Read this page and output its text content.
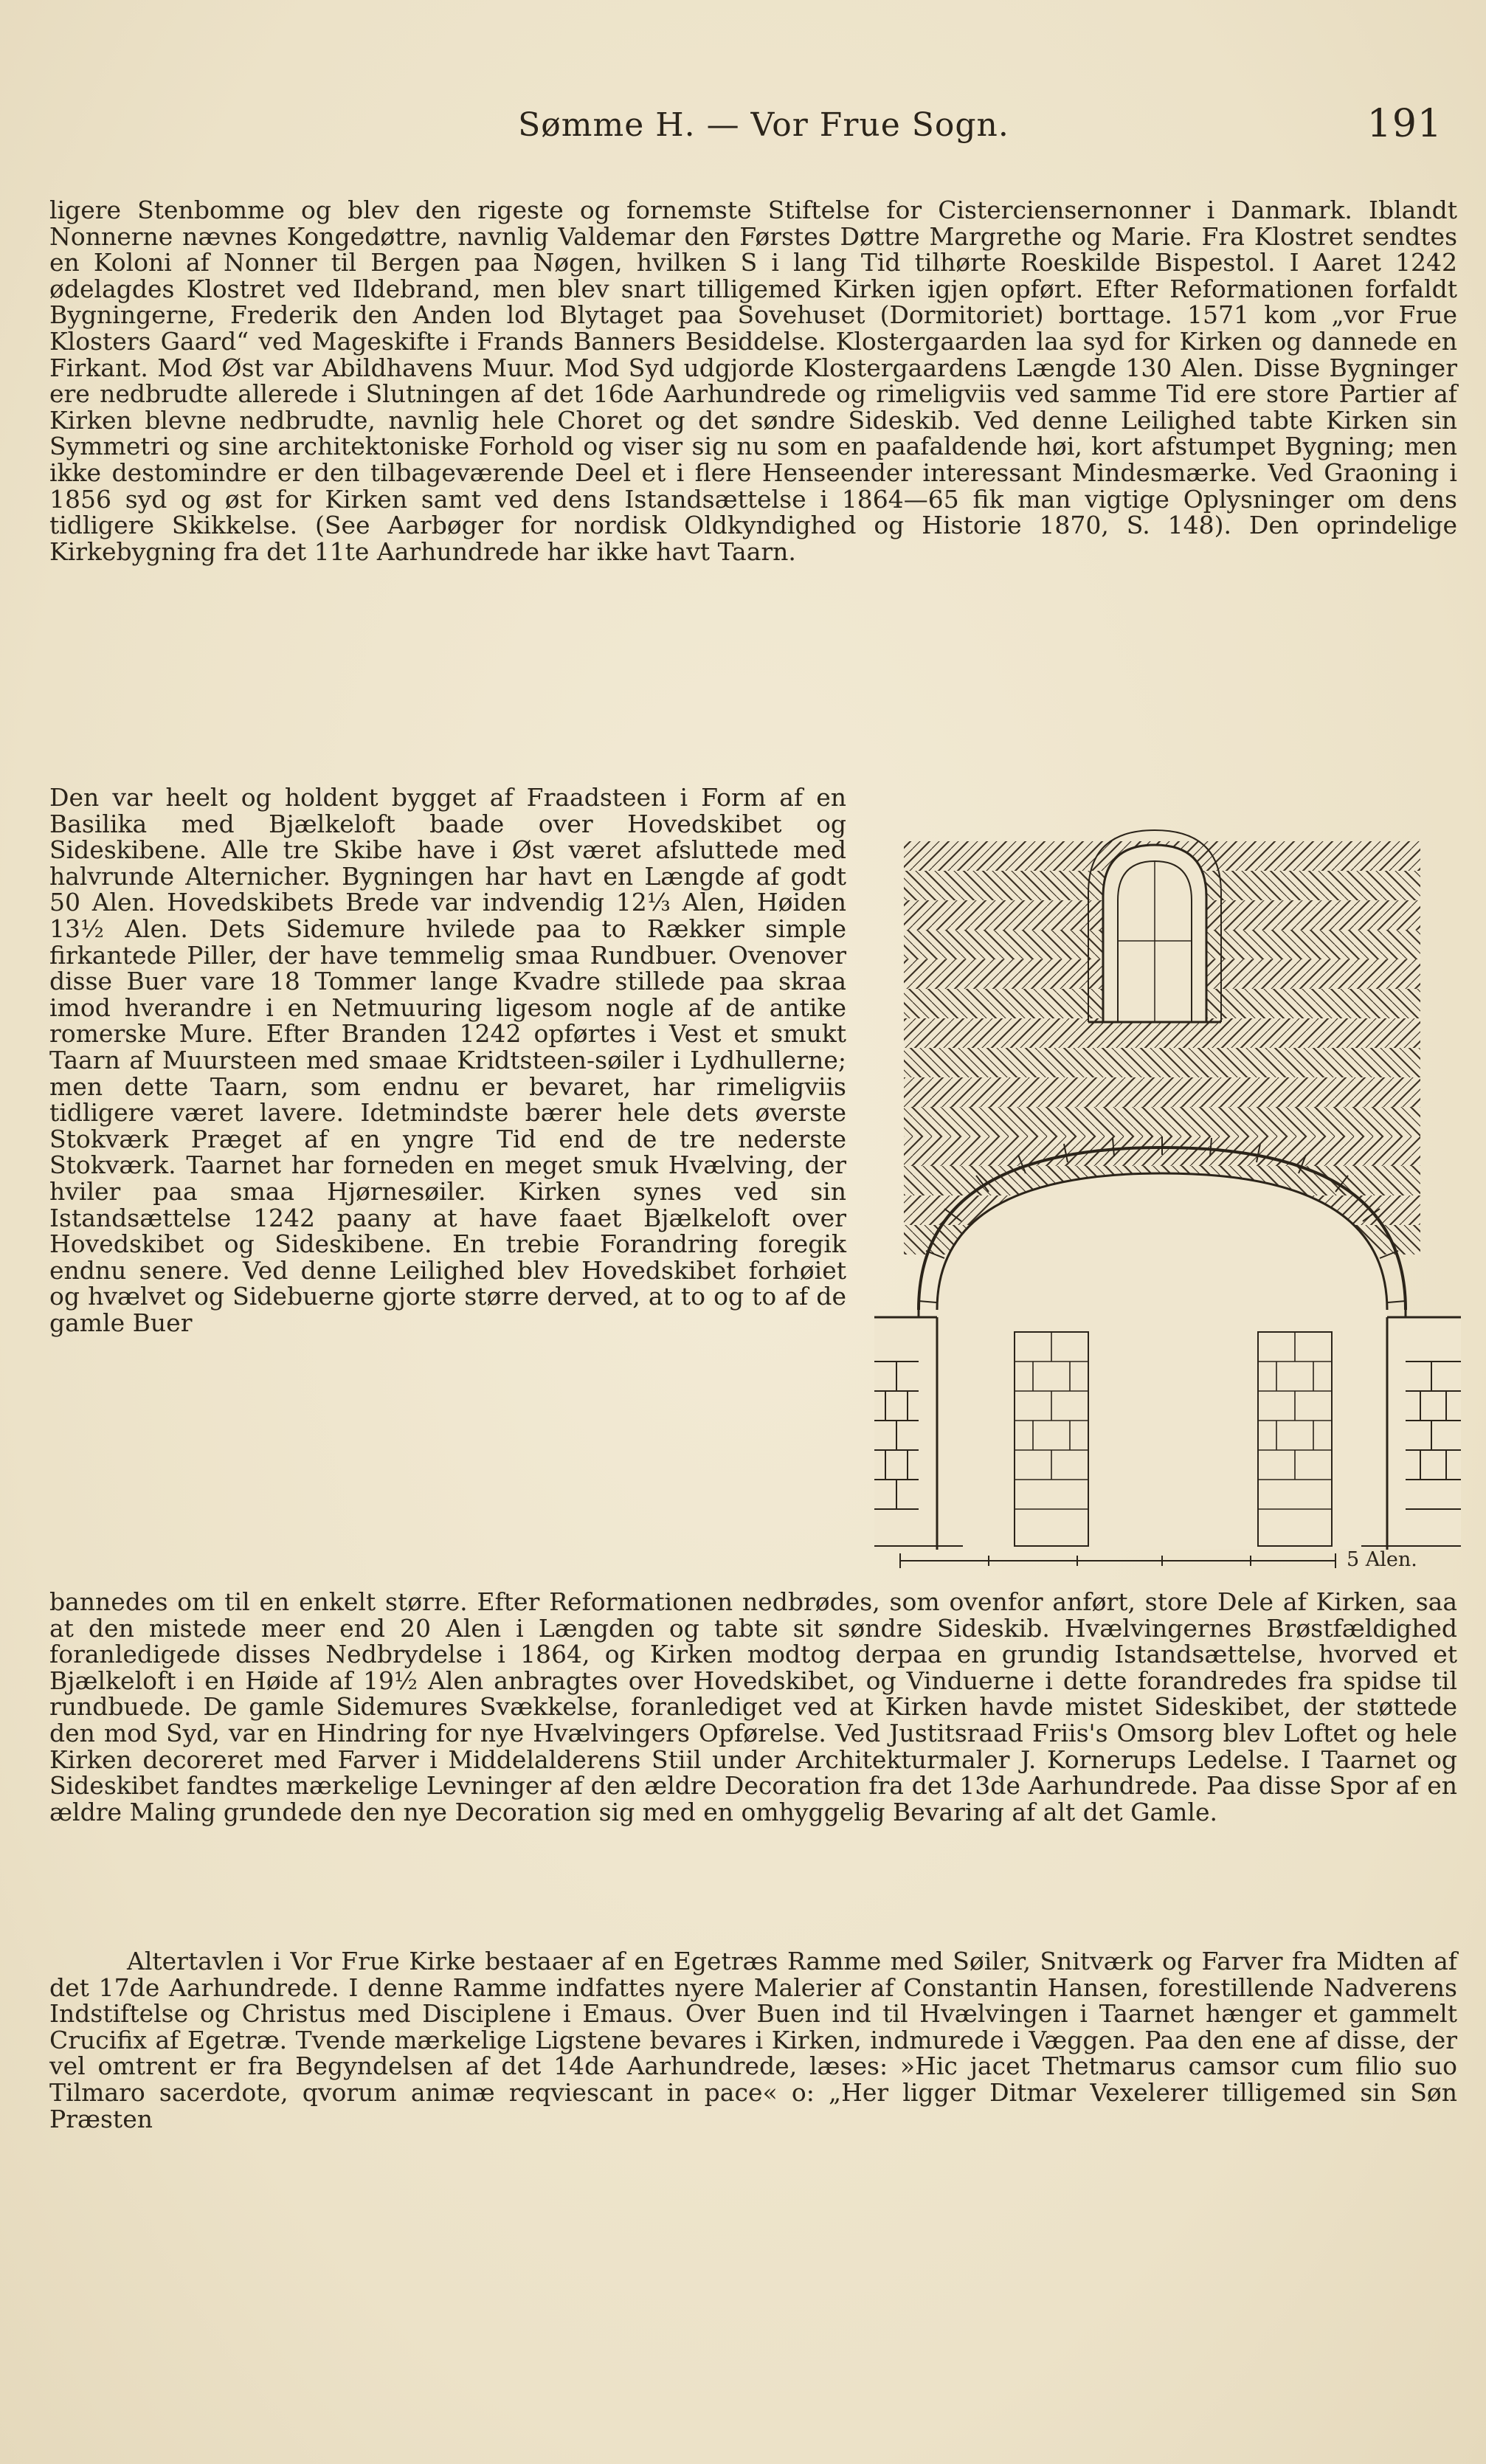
Sømme H. — Vor Frue Sogn.	191

ligere Stenbomme og blev den rigeste og fornemste Stiftelse for Cisterciensernonner i Danmark. Iblandt Nonnerne nævnes Kongedøttre, navnlig Valdemar den Førstes Døttre Margrethe og Marie. Fra Klostret sendtes en Koloni af Nonner til Bergen paa Nøgen, hvilken S i lang Tid tilhørte Roeskilde Bispestol. I Aaret 1242 ødelagdes Klostret ved Ildebrand, men blev snart tilligemed Kirken igjen opført. Efter Reformationen forfaldt Bygningerne, Frederik den Anden lod Blytaget paa Sovehuset (Dormitoriet) borttage. 1571 kom „vor Frue Klosters Gaard“ ved Mageskifte i Frands Banners Besiddelse. Klostergaarden laa syd for Kirken og dannede en Firkant. Mod Øst var Abildhavens Muur. Mod Syd udgjorde Klostergaardens Længde 130 Alen. Disse Bygninger ere nedbrudte allerede i Slutningen af det 16de Aarhundrede og rimeligviis ved samme Tid ere store Partier af Kirken blevne nedbrudte, navnlig hele Choret og det søndre Sideskib. Ved denne Leilighed tabte Kirken sin Symmetri og sine architektoniske Forhold og viser sig nu som en paafaldende høi, kort afstumpet Bygning; men ikke destomindre er den tilbageværende Deel et i flere Henseender interessant Mindesmærke. Ved Graoning i 1856 syd og øst for Kirken samt ved dens Istandsættelse i 1864—65 fik man vigtige Oplysninger om dens tidligere Skikkelse. (See Aarbøger for nordisk Oldkyndighed og Historie 1870, S. 148). Den oprindelige Kirkebygning fra det 11te Aarhundrede har ikke havt Taarn.

Den var heelt og holdent bygget af Fraadsteen i Form af en Basilika med Bjælkeloft baade over Hovedskibet og Sideskibene. Alle tre Skibe have i Øst været afsluttede med halvrunde Alternicher. Bygningen har havt en Længde af godt 50 Alen. Hovedskibets Brede var indvendig 12⅓ Alen, Høiden 13½ Alen. Dets Sidemure hvilede paa to Rækker simple firkantede Piller, der have temmelig smaa Rundbuer. Ovenover disse Buer vare 18 Tommer lange Kvadre stillede paa skraa imod hverandre i en Netmuuring ligesom nogle af de antike romerske Mure. Efter Branden 1242 opførtes i Vest et smukt Taarn af Muursteen med smaae Kridtsteen-søiler i Lydhullerne; men dette Taarn, som endnu er bevaret, har rimeligviis tidligere været lavere. Idetmindste bærer hele dets øverste Stokværk Præget af en yngre Tid end de tre nederste Stokværk. Taarnet har forneden en meget smuk Hvælving, der hviler paa smaa Hjørnesøiler. Kirken synes ved sin Istandsættelse 1242 paany at have faaet Bjælkeloft over Hovedskibet og Sideskibene. En trebie Forandring foregik endnu senere. Ved denne Leilighed blev Hovedskibet forhøiet og hvælvet og Sidebuerne gjorte større derved, at to og to af de gamle Buer

5 Alen.

bannedes om til en enkelt større. Efter Reformationen nedbrødes, som ovenfor anført, store Dele af Kirken, saa at den mistede meer end 20 Alen i Længden og tabte sit søndre Sideskib. Hvælvingernes Brøstfældighed foranledigede disses Nedbrydelse i 1864, og Kirken modtog derpaa en grundig Istandsættelse, hvorved et Bjælkeloft i en Høide af 19½ Alen anbragtes over Hovedskibet, og Vinduerne i dette forandredes fra spidse til rundbuede. De gamle Sidemures Svækkelse, foranlediget ved at Kirken havde mistet Sideskibet, der støttede den mod Syd, var en Hindring for nye Hvælvingers Opførelse. Ved Justitsraad Friis's Omsorg blev Loftet og hele Kirken decoreret med Farver i Middelalderens Stiil under Architekturmaler J. Kornerups Ledelse. I Taarnet og Sideskibet fandtes mærkelige Levninger af den ældre Decoration fra det 13de Aarhundrede. Paa disse Spor af en ældre Maling grundede den nye Decoration sig med en omhyggelig Bevaring af alt det Gamle.

Altertavlen i Vor Frue Kirke bestaaer af en Egetræs Ramme med Søiler, Snitværk og Farver fra Midten af det 17de Aarhundrede. I denne Ramme indfattes nyere Malerier af Constantin Hansen, forestillende Nadverens Indstiftelse og Christus med Disciplene i Emaus. Over Buen ind til Hvælvingen i Taarnet hænger et gammelt Crucifix af Egetræ. Tvende mærkelige Ligstene bevares i Kirken, indmurede i Væggen. Paa den ene af disse, der vel omtrent er fra Begyndelsen af det 14de Aarhundrede, læses: »Hic jacet Thetmarus camsor cum filio suo Tilmaro sacerdote, qvorum animæ reqviescant in pace« o: „Her ligger Ditmar Vexelerer tilligemed sin Søn Præsten
